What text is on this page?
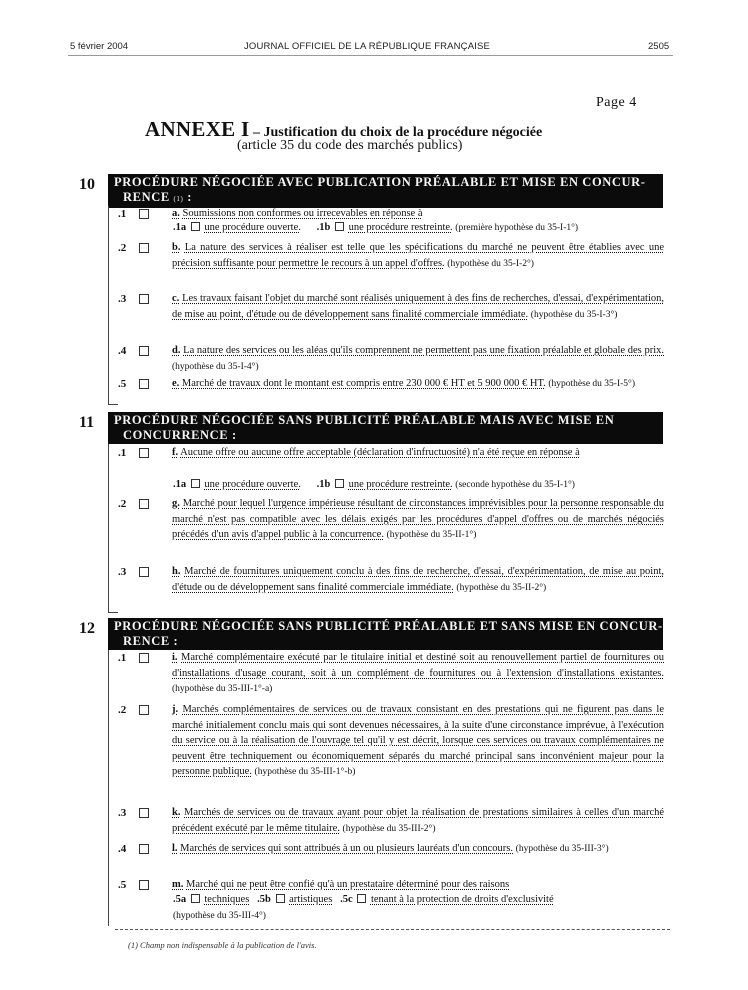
5 février 2004	JOURNAL OFFICIEL DE LA RÉPUBLIQUE FRANÇAISE	2505
Page 4
ANNEXE I – Justification du choix de la procédure négociée
(article 35 du code des marchés publics)
10 PROCÉDURE NÉGOCIÉE AVEC PUBLICATION PRÉALABLE ET MISE EN CONCUR-
RENCE (1) :
.1	a. Soumissions non conformes ou irrecevables en réponse à
.1a une procédure ouverte. .1b une procédure restreinte. (première hypothèse du 35-I-1°)
.2	b. La nature des services à réaliser est telle que les spécifications du marché ne peuvent être établies avec une précision suffisante pour permettre le recours à un appel d'offres. (hypothèse du 35-I-2°)
.3	c. Les travaux faisant l'objet du marché sont réalisés uniquement à des fins de recherches, d'essai, d'expérimentation, de mise au point, d'étude ou de développement sans finalité commerciale immédiate. (hypothèse du 35-I-3°)
.4	d. La nature des services ou les aléas qu'ils comprennent ne permettent pas une fixation préalable et globale des prix. (hypothèse du 35-I-4°)
.5	e. Marché de travaux dont le montant est compris entre 230 000 € HT et 5 900 000 € HT. (hypothèse du 35-I-5°)
11 PROCÉDURE NÉGOCIÉE SANS PUBLICITÉ PRÉALABLE MAIS AVEC MISE EN
CONCURRENCE :
.1	f. Aucune offre ou aucune offre acceptable (déclaration d'infructuosité) n'a été reçue en réponse à
.1a une procédure ouverte. .1b une procédure restreinte. (seconde hypothèse du 35-I-1°)
.2	g. Marché pour lequel l'urgence impérieuse résultant de circonstances imprévisibles pour la personne responsable du marché n'est pas compatible avec les délais exigés par les procédures d'appel d'offres ou de marchés négociés précédés d'un avis d'appel public à la concurrence. (hypothèse du 35-II-1°)
.3	h. Marché de fournitures uniquement conclu à des fins de recherche, d'essai, d'expérimentation, de mise au point, d'étude ou de développement sans finalité commerciale immédiate. (hypothèse du 35-II-2°)
12 PROCÉDURE NÉGOCIÉE SANS PUBLICITÉ PRÉALABLE ET SANS MISE EN CONCUR-
RENCE :
.1	i. Marché complémentaire exécuté par le titulaire initial et destiné soit au renouvellement partiel de fournitures ou d'installations d'usage courant, soit à un complément de fournitures ou à l'extension d'installations existantes. (hypothèse du 35-III-1°-a)
.2	j. Marchés complémentaires de services ou de travaux consistant en des prestations qui ne figurent pas dans le marché initialement conclu mais qui sont devenues nécessaires, à la suite d'une circonstance imprévue, à l'exécution du service ou à la réalisation de l'ouvrage tel qu'il y est décrit, lorsque ces services ou travaux complémentaires ne peuvent être techniquement ou économiquement séparés du marché principal sans inconvénient majeur pour la personne publique. (hypothèse du 35-III-1°-b)
.3	k. Marchés de services ou de travaux ayant pour objet la réalisation de prestations similaires à celles d'un marché précédent exécuté par le même titulaire. (hypothèse du 35-III-2°)
.4	l. Marchés de services qui sont attribués à un ou plusieurs lauréats d'un concours. (hypothèse du 35-III-3°)
.5	m. Marché qui ne peut être confié qu'à un prestataire déterminé pour des raisons
.5a techniques .5b artistiques .5c tenant à la protection de droits d'exclusivité
(hypothèse du 35-III-4°)
(1) Champ non indispensable à la publication de l'avis.
